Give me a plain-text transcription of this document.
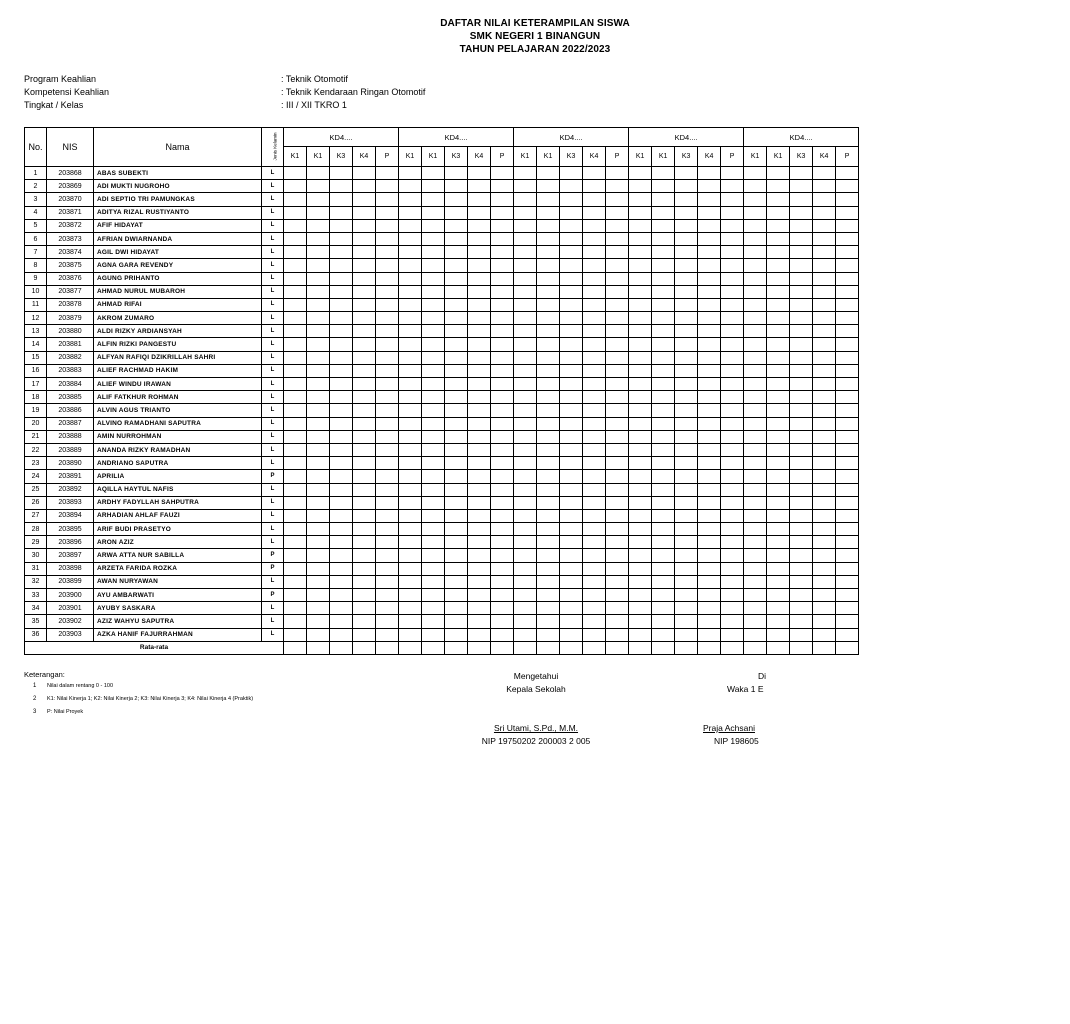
DAFTAR NILAI KETERAMPILAN SISWA
SMK NEGERI 1 BINANGUN
TAHUN PELAJARAN 2022/2023
Program Keahlian	: Teknik Otomotif
Kompetensi Keahlian	: Teknik Kendaraan Ringan Otomotif
Tingkat / Kelas	: III / XII TKRO 1
No.	NIS	Nama	Jenis Kelamin	KD4....					KD4....					KD4....					KD4....					KD4....				
				K1	K1	K3	K4	P	K1	K1	K3	K4	P	K1	K1	K3	K4	P	K1	K1	K3	K4	P	K1	K1	K3	K4	P
1	203868	ABAS SUBEKTI	L																									
2	203869	ADI MUKTI NUGROHO	L																									
3	203870	ADI SEPTIO TRI PAMUNGKAS	L																									
4	203871	ADITYA RIZAL RUSTIYANTO	L																									
5	203872	AFIF HIDAYAT	L																									
6	203873	AFRIAN DWIARNANDA	L																									
7	203874	AGIL DWI HIDAYAT	L																									
8	203875	AGNA GARA REVENDY	L																									
9	203876	AGUNG PRIHANTO	L																									
10	203877	AHMAD NURUL MUBAROH	L																									
11	203878	AHMAD RIFAI	L																									
12	203879	AKROM ZUMARO	L																									
13	203880	ALDI RIZKY ARDIANSYAH	L																									
14	203881	ALFIN RIZKI PANGESTU	L																									
15	203882	ALFYAN RAFIQI DZIKRILLAH SAHRI	L																									
16	203883	ALIEF RACHMAD HAKIM	L																									
17	203884	ALIEF WINDU IRAWAN	L																									
18	203885	ALIF FATKHUR ROHMAN	L																									
19	203886	ALVIN AGUS TRIANTO	L																									
20	203887	ALVINO RAMADHANI SAPUTRA	L																									
21	203888	AMIN NURROHMAN	L																									
22	203889	ANANDA RIZKY RAMADHAN	L																									
23	203890	ANDRIANO SAPUTRA	L																									
24	203891	APRILIA	P																									
25	203892	AQILLA HAYTUL NAFIS	L																									
26	203893	ARDHY FADYLLAH SAHPUTRA	L																									
27	203894	ARHADIAN AHLAF FAUZI	L																									
28	203895	ARIF BUDI PRASETYO	L																									
29	203896	ARON AZIZ	L																									
30	203897	ARWA ATTA NUR SABILLA	P																									
31	203898	ARZETA FARIDA ROZKA	P																									
32	203899	AWAN NURYAWAN	L																									
33	203900	AYU AMBARWATI	P																									
34	203901	AYUBY SASKARA	L																									
35	203902	AZIZ WAHYU SAPUTRA	L																									
36	203903	AZKA HANIF FAJURRAHMAN	L																									
Rata-rata																												
Keterangan:
1 Nilai dalam rentang 0 - 100
2 K1: Nilai Kinerja 1; K2: Nilai Kinerja 2; K3: Nilai Kinerja 3; K4: Nilai Kinerja 4 (Praktik)
3 P: Nilai Proyek
Mengetahui
Kepala Sekolah
Sri Utami, S.Pd., M.M.
NIP 19750202 200003 2 005
Di
Waka 1 E
Praja Achsani
NIP 198605
